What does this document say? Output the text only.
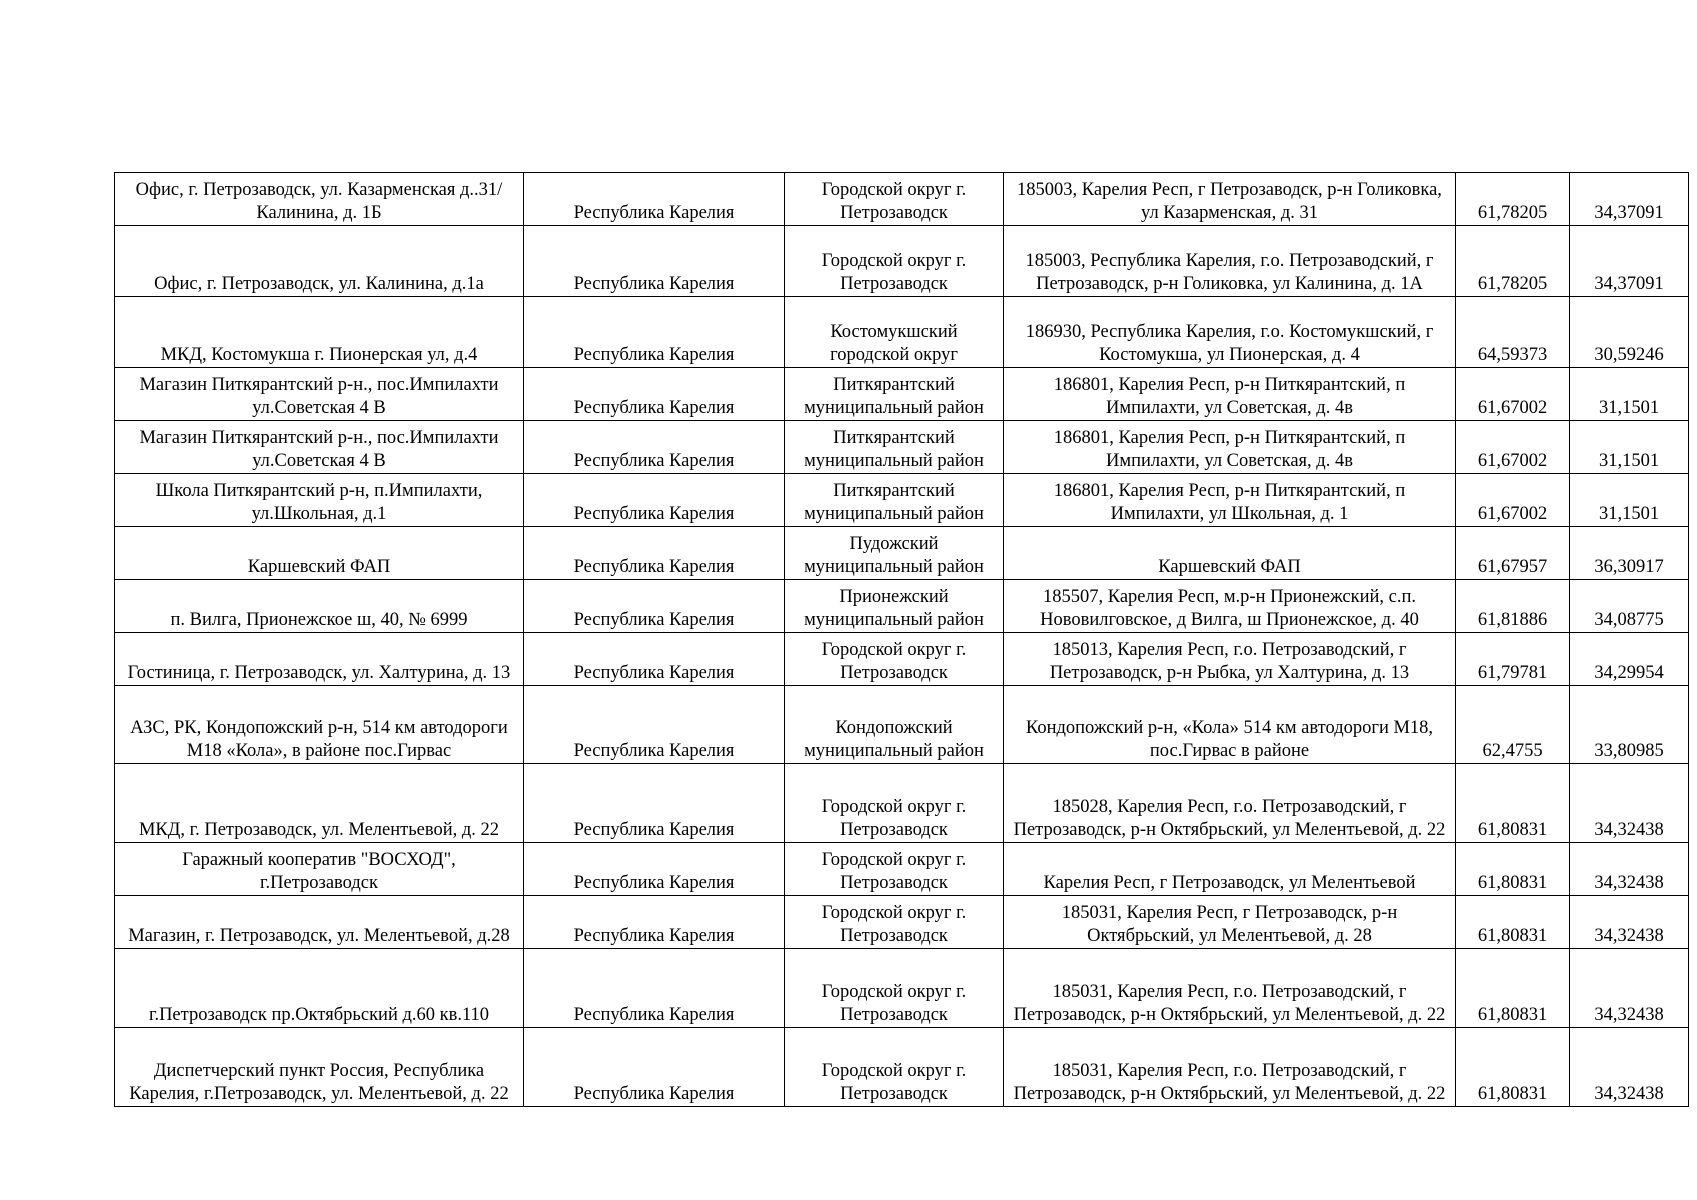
Офис, г. Петрозаводск, ул. Казарменская д..31/Калинина, д. 1Б	Республика Карелия	Городской округ г. Петрозаводск	185003, Карелия Респ, г Петрозаводск, р-н Голиковка, ул Казарменская, д. 31	61,78205	34,37091
Офис, г. Петрозаводск, ул. Калинина, д.1а	Республика Карелия	Городской округ г. Петрозаводск	185003, Республика Карелия, г.о. Петрозаводский, г Петрозаводск, р-н Голиковка, ул Калинина, д. 1А	61,78205	34,37091
МКД, Костомукша г. Пионерская ул, д.4	Республика Карелия	Костомукшский городской округ	186930, Республика Карелия, г.о. Костомукшский, г Костомукша, ул Пионерская, д. 4	64,59373	30,59246
Магазин Питкярантский р-н., пос.Импилахти ул.Советская 4 В	Республика Карелия	Питкярантский муниципальный район	186801, Карелия Респ, р-н Питкярантский, п Импилахти, ул Советская, д. 4в	61,67002	31,1501
Магазин Питкярантский р-н., пос.Импилахти ул.Советская 4 В	Республика Карелия	Питкярантский муниципальный район	186801, Карелия Респ, р-н Питкярантский, п Импилахти, ул Советская, д. 4в	61,67002	31,1501
Школа Питкярантский р-н, п.Импилахти, ул.Школьная, д.1	Республика Карелия	Питкярантский муниципальный район	186801, Карелия Респ, р-н Питкярантский, п Импилахти, ул Школьная, д. 1	61,67002	31,1501
Каршевский ФАП	Республика Карелия	Пудожский муниципальный район	Каршевский ФАП	61,67957	36,30917
п. Вилга, Прионежское ш, 40, № 6999	Республика Карелия	Прионежский муниципальный район	185507, Карелия Респ, м.р-н Прионежский, с.п. Нововилговское, д Вилга, ш Прионежское, д. 40	61,81886	34,08775
Гостиница, г. Петрозаводск, ул. Халтурина, д. 13	Республика Карелия	Городской округ г. Петрозаводск	185013, Карелия Респ, г.о. Петрозаводский, г Петрозаводск, р-н Рыбка, ул Халтурина, д. 13	61,79781	34,29954
АЗС, РК, Кондопожский р-н, 514 км автодороги М18 «Кола», в районе пос.Гирвас	Республика Карелия	Кондопожский муниципальный район	Кондопожский р-н, «Кола» 514 км автодороги М18, пос.Гирвас в районе	62,4755	33,80985
МКД, г. Петрозаводск, ул. Мелентьевой, д. 22	Республика Карелия	Городской округ г. Петрозаводск	185028, Карелия Респ, г.о. Петрозаводский, г Петрозаводск, р-н Октябрьский, ул Мелентьевой, д. 22	61,80831	34,32438
Гаражный кооператив "ВОСХОД", г.Петрозаводск	Республика Карелия	Городской округ г. Петрозаводск	Карелия Респ, г Петрозаводск, ул Мелентьевой	61,80831	34,32438
Магазин, г. Петрозаводск, ул. Мелентьевой, д.28	Республика Карелия	Городской округ г. Петрозаводск	185031, Карелия Респ, г Петрозаводск, р-н Октябрьский, ул Мелентьевой, д. 28	61,80831	34,32438
г.Петрозаводск пр.Октябрьский д.60 кв.110	Республика Карелия	Городской округ г. Петрозаводск	185031, Карелия Респ, г.о. Петрозаводский, г Петрозаводск, р-н Октябрьский, ул Мелентьевой, д. 22	61,80831	34,32438
Диспетчерский пункт Россия, Республика Карелия, г.Петрозаводск, ул. Мелентьевой, д. 22	Республика Карелия	Городской округ г. Петрозаводск	185031, Карелия Респ, г.о. Петрозаводский, г Петрозаводск, р-н Октябрьский, ул Мелентьевой, д. 22	61,80831	34,32438
